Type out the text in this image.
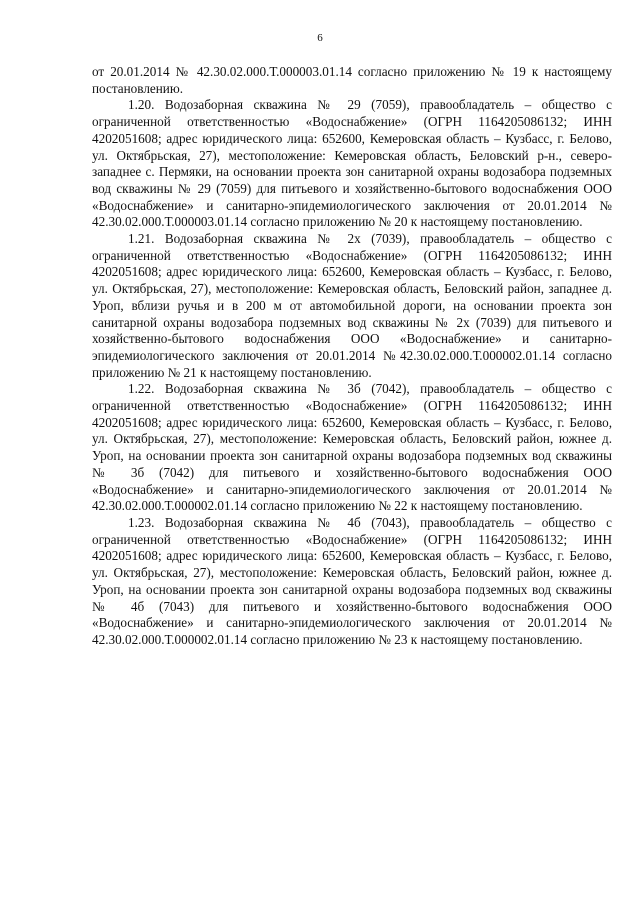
6

от 20.01.2014 № 42.30.02.000.Т.000003.01.14 согласно приложению № 19 к настоящему постановлению.

1.20. Водозаборная скважина № 29 (7059), правообладатель – общество с ограниченной ответственностью «Водоснабжение» (ОГРН 1164205086132; ИНН 4202051608; адрес юридического лица: 652600, Кемеровская область – Кузбасс, г. Белово, ул. Октябрьская, 27), местоположение: Кемеровская область, Беловский р-н., северо-западнее с. Пермяки, на основании проекта зон санитарной охраны водозабора подземных вод скважины № 29 (7059) для питьевого и хозяйственно-бытового водоснабжения ООО «Водоснабжение» и санитарно-эпидемиологического заключения от 20.01.2014 № 42.30.02.000.Т.000003.01.14 согласно приложению № 20 к настоящему постановлению.

1.21. Водозаборная скважина № 2х (7039), правообладатель – общество с ограниченной ответственностью «Водоснабжение» (ОГРН 1164205086132; ИНН 4202051608; адрес юридического лица: 652600, Кемеровская область – Кузбасс, г. Белово, ул. Октябрьская, 27), местоположение: Кемеровская область, Беловский район, западнее д. Уроп, вблизи ручья и в 200 м от автомобильной дороги, на основании проекта зон санитарной охраны водозабора подземных вод скважины № 2х (7039) для питьевого и хозяйственно-бытового водоснабжения ООО «Водоснабжение» и санитарно-эпидемиологического заключения от 20.01.2014 №42.30.02.000.Т.000002.01.14 согласно приложению № 21 к настоящему постановлению.

1.22. Водозаборная скважина № 3б (7042), правообладатель – общество с ограниченной ответственностью «Водоснабжение» (ОГРН 1164205086132; ИНН 4202051608; адрес юридического лица: 652600, Кемеровская область – Кузбасс, г. Белово, ул. Октябрьская, 27), местоположение: Кемеровская область, Беловский район, южнее д. Уроп, на основании проекта зон санитарной охраны водозабора подземных вод скважины № 3б (7042) для питьевого и хозяйственно-бытового водоснабжения ООО «Водоснабжение» и санитарно-эпидемиологического заключения от 20.01.2014 № 42.30.02.000.Т.000002.01.14 согласно приложению № 22 к настоящему постановлению.

1.23. Водозаборная скважина № 4б (7043), правообладатель – общество с ограниченной ответственностью «Водоснабжение» (ОГРН 1164205086132; ИНН 4202051608; адрес юридического лица: 652600, Кемеровская область – Кузбасс, г. Белово, ул. Октябрьская, 27), местоположение: Кемеровская область, Беловский район, южнее д. Уроп, на основании проекта зон санитарной охраны водозабора подземных вод скважины № 4б (7043) для питьевого и хозяйственно-бытового водоснабжения ООО «Водоснабжение» и санитарно-эпидемиологического заключения от 20.01.2014 № 42.30.02.000.Т.000002.01.14 согласно приложению № 23 к настоящему постановлению.
